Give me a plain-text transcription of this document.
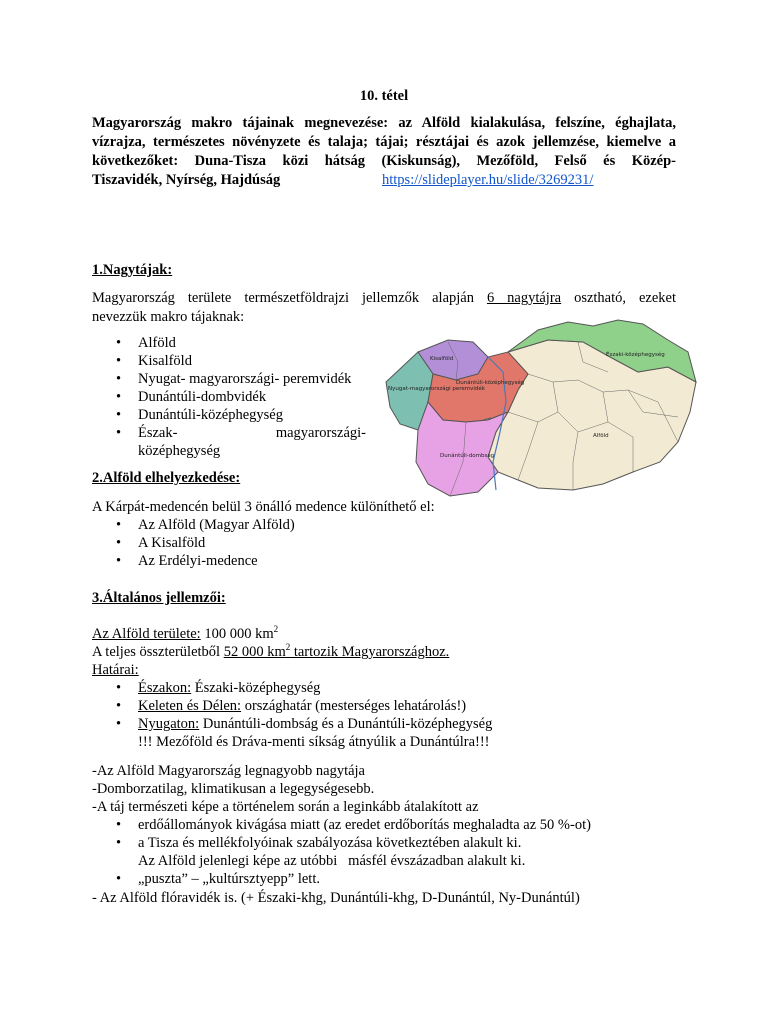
10. tétel
Magyarország makro tájainak megnevezése: az Alföld kialakulása, felszíne, éghajlata,
vízrajza, természetes növényzete és talaja; tájai; résztájai és azok jellemzése, kiemelve a
következőket: Duna-Tisza közi hátság (Kiskunság), Mezőföld, Felső és Közép-
Tiszavidék, Nyírség, Hajdúság	https://slideplayer.hu/slide/3269231/
1.Nagytájak:
Magyarország területe természetföldrajzi jellemzők alapján 6 nagytájra osztható, ezeket
nevezzük makro tájaknak:
• Alföld
• Kisalföld
• Nyugat- magyarországi- peremvidék
• Dunántúli-dombvidék
• Dunántúli-középhegység
• Észak-	magyarországi-
középhegység
Északi-középhegység
Kisalföld
Dunántúli-középhegység
Nyugat-magyarországi peremvidék
Alföld
Dunántúli-dombság
2.Alföld elhelyezkedése:
A Kárpát-medencén belül 3 önálló medence különíthető el:
• Az Alföld (Magyar Alföld)
• A Kisalföld
• Az Erdélyi-medence
3.Általános jellemzői:
Az Alföld területe: 100 000 $km^2$
A teljes összterületből 52 000 $km^2$ tartozik Magyarországhoz.
Határai:
• Északon: Északi-középhegység
• Keleten és Délen: országhatár (mesterséges lehatárolás!)
• Nyugaton: Dunántúli-dombság és a Dunántúli-középhegység
!!! Mezőföld és Dráva-menti síkság átnyúlik a Dunántúlra!!!
-Az Alföld Magyarország legnagyobb nagytája
-Domborzatilag, klimatikusan a legegységesebb.
-A táj természeti képe a történelem során a leginkább átalakított az
• erdőállományok kivágása miatt (az eredet erdőborítás meghaladta az 50 %-ot)
• a Tisza és mellékfolyóinak szabályozása következtében alakult ki.
Az Alföld jelenlegi képe az utóbbi   másfél évszázadban alakult ki.
• „puszta” – „kultúrsztyepp” lett.
- Az Alföld flóravidék is. (+ Északi-khg, Dunántúli-khg, D-Dunántúl, Ny-Dunántúl)
